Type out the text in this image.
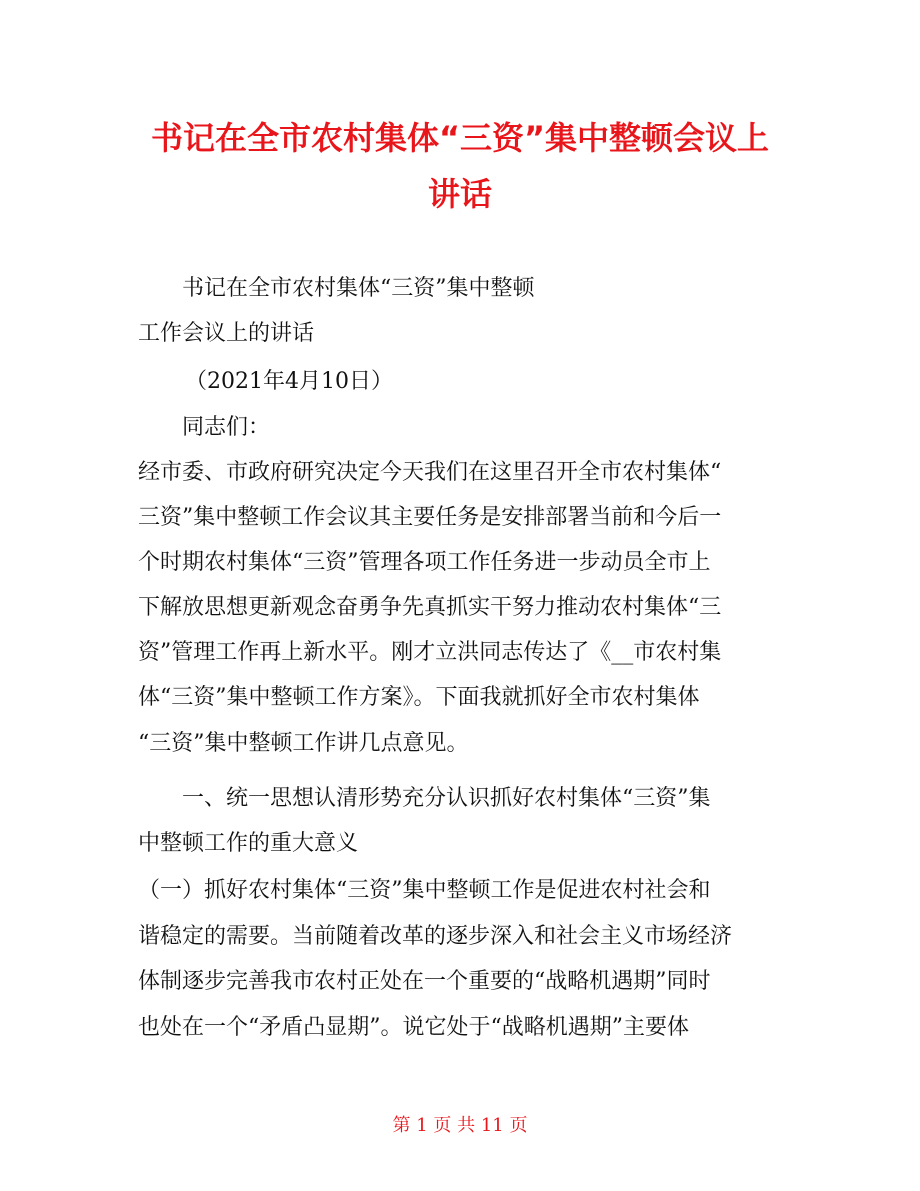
书记在全市农村集体“三资”集中整顿会议上
讲话

书记在全市农村集体“三资”集中整顿

工作会议上的讲话

（2021年4月10日）

同志们：

经市委、市政府研究决定今天我们在这里召开全市农村集体“

三资”集中整顿工作会议其主要任务是安排部署当前和今后一

个时期农村集体“三资”管理各项工作任务进一步动员全市上

下解放思想更新观念奋勇争先真抓实干努力推动农村集体“三

资”管理工作再上新水平。刚才立洪同志传达了《__市农村集

体“三资”集中整顿工作方案》。下面我就抓好全市农村集体

“三资”集中整顿工作讲几点意见。

一、统一思想认清形势充分认识抓好农村集体“三资”集

中整顿工作的重大意义

（一）抓好农村集体“三资”集中整顿工作是促进农村社会和

谐稳定的需要。当前随着改革的逐步深入和社会主义市场经济

体制逐步完善我市农村正处在一个重要的“战略机遇期”同时

也处在一个“矛盾凸显期”。说它处于“战略机遇期”主要体

第 1 页 共 11 页
